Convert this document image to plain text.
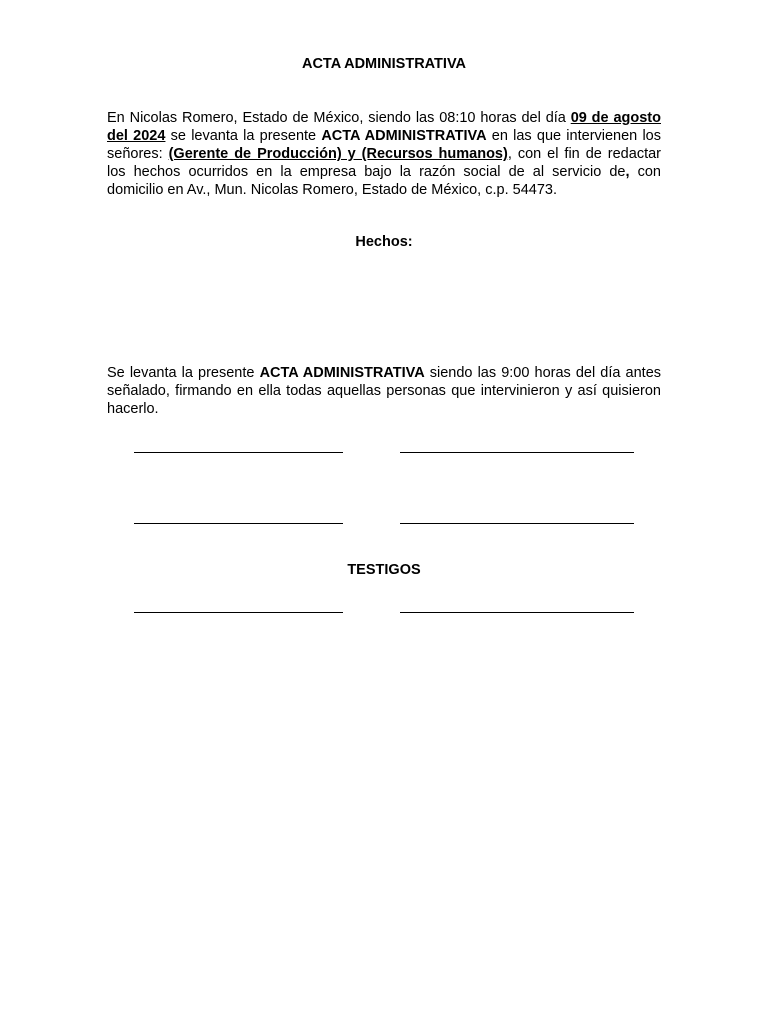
ACTA ADMINISTRATIVA
En Nicolas Romero, Estado de México, siendo las 08:10 horas del día 09 de agosto del 2024 se levanta la presente ACTA ADMINISTRATIVA en las que intervienen los señores: (Gerente de Producción) y (Recursos humanos), con el fin de redactar los hechos ocurridos en la empresa bajo la razón social de al servicio de, con domicilio en Av., Mun. Nicolas Romero, Estado de México, c.p. 54473.
Hechos:
Se levanta la presente ACTA ADMINISTRATIVA siendo las 9:00 horas del día antes señalado, firmando en ella todas aquellas personas que intervinieron y así quisieron hacerlo.
TESTIGOS
